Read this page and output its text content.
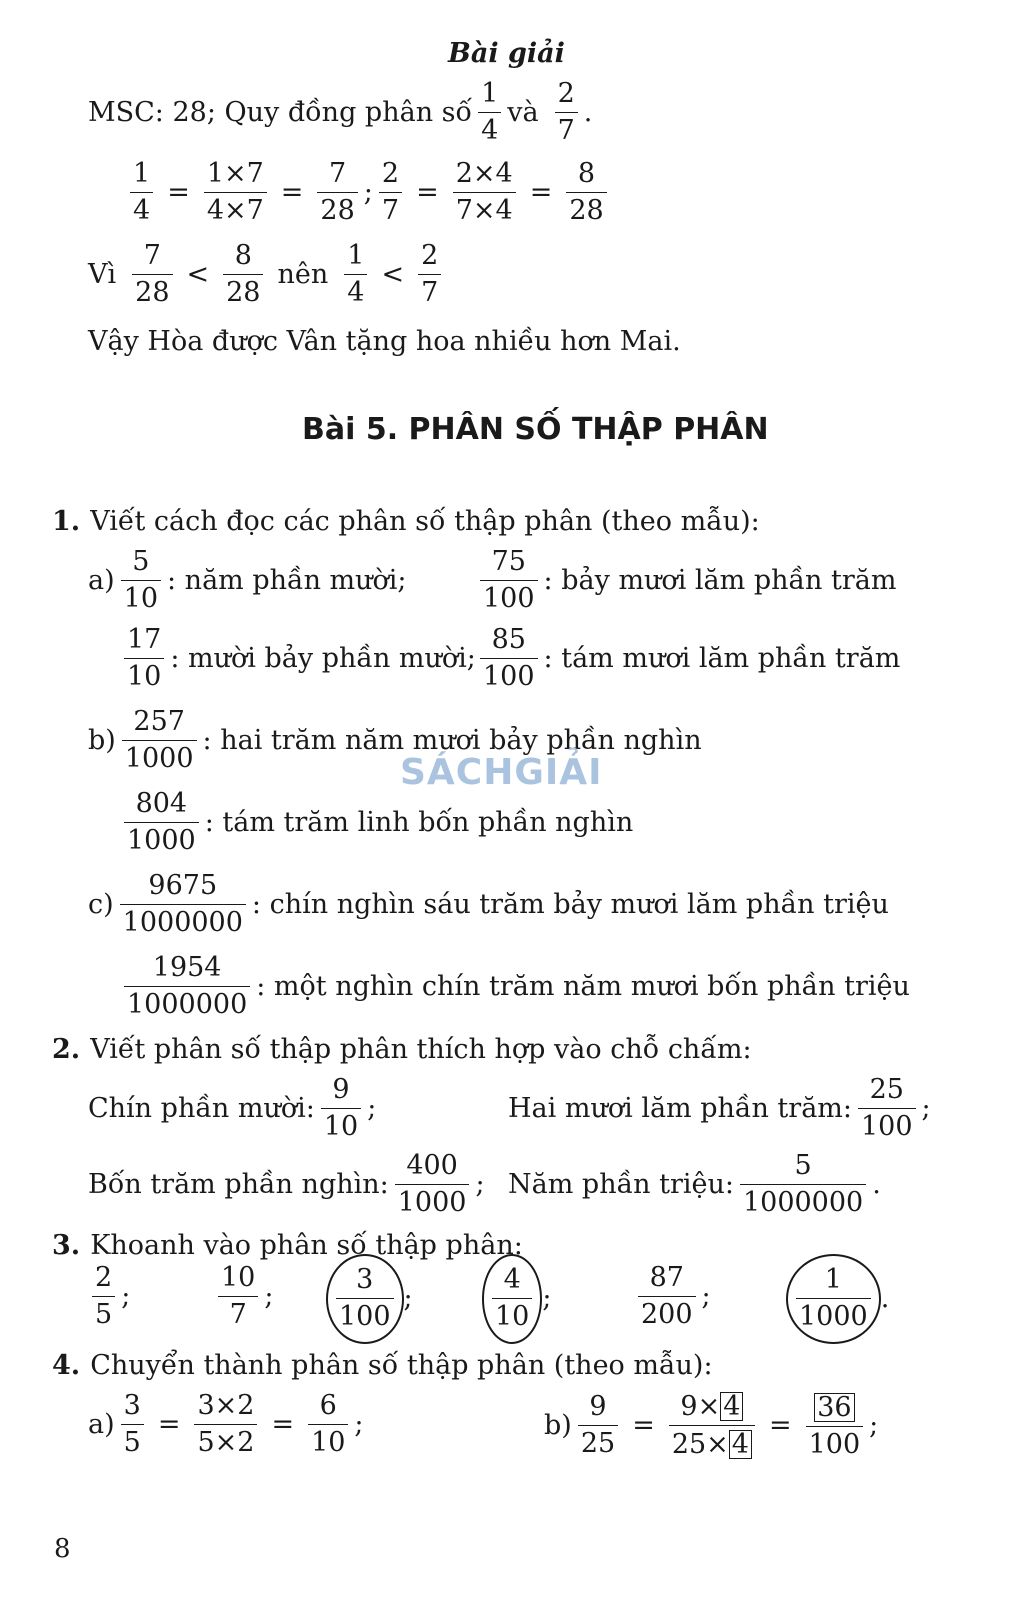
Bài giải
MSC: 28; Quy đồng phân số $\frac{1}{4}$ và $\frac{2}{7}$ .
$\frac{1}{4} = \frac{1\times 7}{4\times 7} = \frac{7}{28}$ ; $\frac{2}{7} = \frac{2\times 4}{7\times 4} = \frac{8}{28}$
Vì $\frac{7}{28} < \frac{8}{28}$ nên $\frac{1}{4} < \frac{2}{7}$
Vậy Hòa được Vân tặng hoa nhiều hơn Mai.
Bài 5. PHÂN SỐ THẬP PHÂN
1. Viết cách đọc các phân số thập phân (theo mẫu):
$a) \frac{5}{10}$ : năm phần mười;	$\frac{75}{100}$ : bảy mươi lăm phần trăm
$\frac{17}{10}$ : mười bảy phần mười; $\frac{85}{100}$ : tám mươi lăm phần trăm
$b) \frac{257}{1000}$ : hai trăm năm mươi bảy phần nghìn
$\frac{804}{1000}$ : tám trăm linh bốn phần nghìn
$c) \frac{9675}{1000000}$ : chín nghìn sáu trăm bảy mươi lăm phần triệu
$\frac{1954}{1000000}$ : một nghìn chín trăm năm mươi bốn phần triệu
2. Viết phân số thập phân thích hợp vào chỗ chấm:
Chín phần mười: $\frac{9}{10}$ ;	Hai mươi lăm phần trăm: $\frac{25}{100}$ ;
Bốn trăm phần nghìn: $\frac{400}{1000}$ ; Năm phần triệu: $\frac{5}{1000000}$ .
3. Khoanh vào phân số thập phân:
$\frac{2}{5}$ ;	$\frac{10}{7}$ ; $\frac{3}{100}$ ;	$\frac{4}{10}$ ;	$\frac{87}{200}$ ;	$\frac{1}{1000}$ .
4. Chuyển thành phân số thập phân (theo mẫu):
$a) \frac{3}{5} = \frac{3\times 2}{5\times 2} = \frac{6}{10}$ ;	$b) \frac{9}{25} = \frac{9\times 4}{25\times 4} = \frac{36}{100}$ ;
SÁCHGIẢI
8
